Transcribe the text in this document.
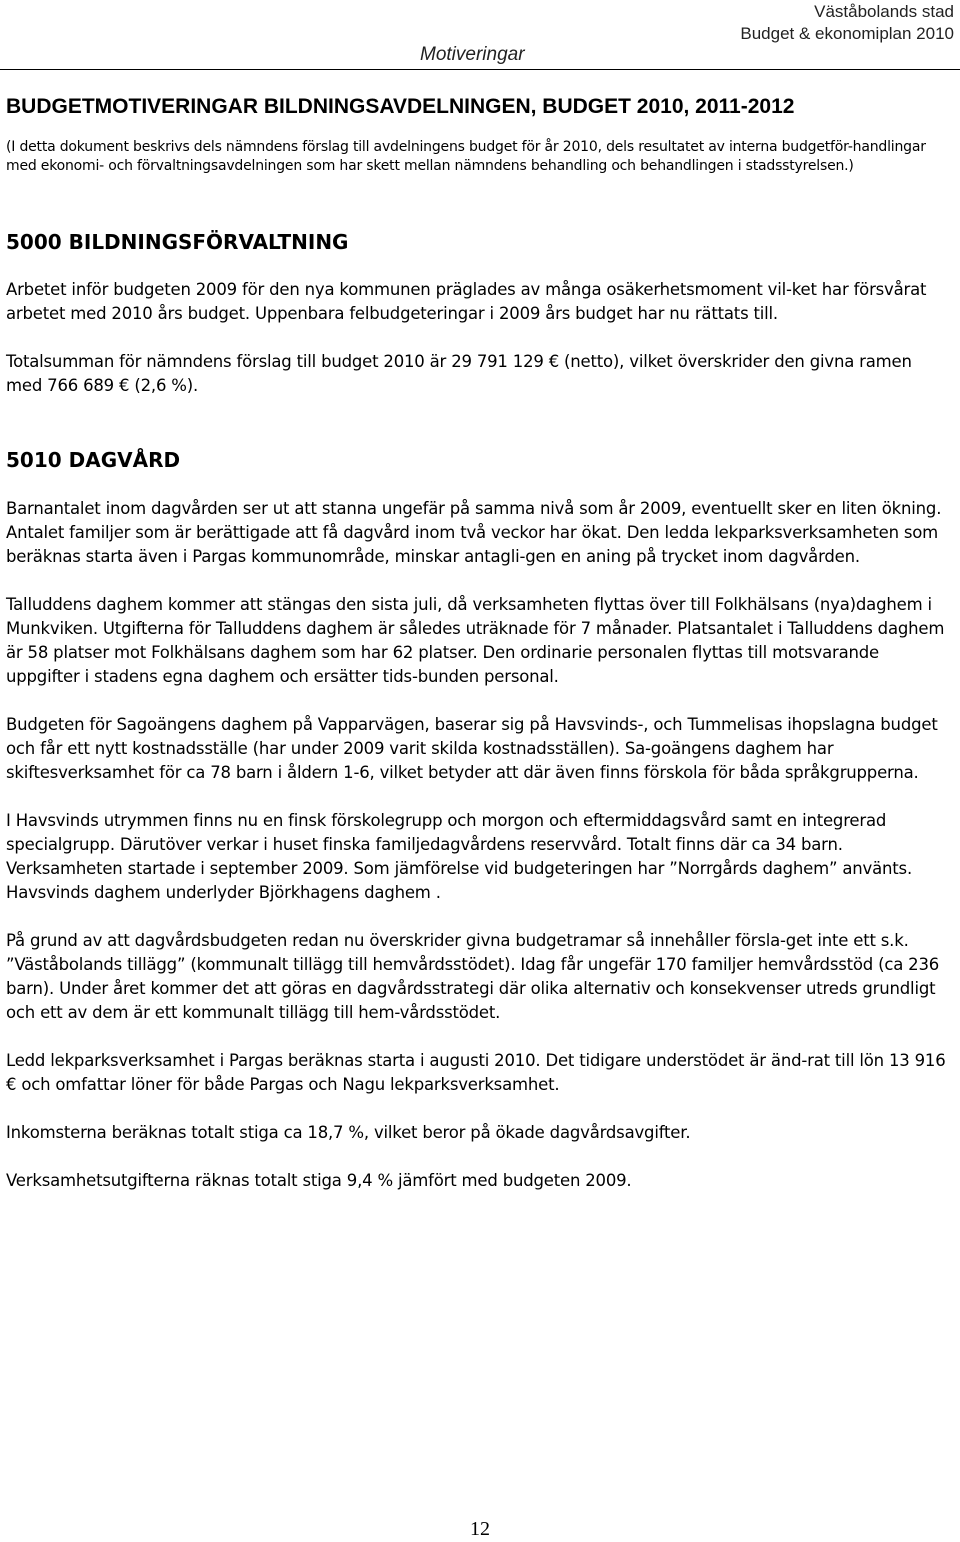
Motiveringar
Väståbolands stad
Budget & ekonomiplan 2010
BUDGETMOTIVERINGAR BILDNINGSAVDELNINGEN, BUDGET 2010, 2011-2012

(I detta dokument beskrivs dels nämndens förslag till avdelningens budget för år 2010, dels resultatet av interna budgetför-handlingar med ekonomi- och förvaltningsavdelningen som har skett mellan nämndens behandling och behandlingen i stadsstyrelsen.)

5000 BILDNINGSFÖRVALTNING

Arbetet inför budgeten 2009 för den nya kommunen präglades av många osäkerhetsmoment vil-ket har försvårat arbetet med 2010 års budget. Uppenbara felbudgeteringar i 2009 års budget har nu rättats till.

Totalsumman för nämndens förslag till budget 2010 är 29 791 129 € (netto), vilket överskrider den givna ramen med 766 689 € (2,6 %).

5010 DAGVÅRD

Barnantalet inom dagvården ser ut att stanna ungefär på samma nivå som år 2009, eventuellt sker en liten ökning. Antalet familjer som är berättigade att få dagvård inom två veckor har ökat. Den ledda lekparksverksamheten som beräknas starta även i Pargas kommunområde, minskar antagli-gen en aning på trycket inom dagvården.

Talluddens daghem kommer att stängas den sista juli, då verksamheten flyttas över till Folkhälsans (nya)daghem i Munkviken. Utgifterna för Talluddens daghem är således uträknade för 7 månader. Platsantalet i Talluddens daghem är 58 platser mot Folkhälsans daghem som har 62 platser. Den ordinarie personalen flyttas till motsvarande uppgifter i stadens egna daghem och ersätter tids-bunden personal.

Budgeten för Sagoängens daghem på Vapparvägen, baserar sig på Havsvinds-, och Tummelisas ihopslagna budget och får ett nytt kostnadsställe (har under 2009 varit skilda kostnadsställen). Sa-goängens daghem har skiftesverksamhet för ca 78 barn i åldern 1-6, vilket betyder att där även finns förskola för båda språkgrupperna.

I Havsvinds utrymmen finns nu en finsk förskolegrupp och morgon och eftermiddagsvård samt en integrerad specialgrupp. Därutöver verkar i huset finska familjedagvårdens reservvård. Totalt finns där ca 34 barn. Verksamheten startade i september 2009. Som jämförelse vid budgeteringen har ”Norrgårds daghem” använts. Havsvinds daghem underlyder Björkhagens daghem .

På grund av att dagvårdsbudgeten redan nu överskrider givna budgetramar så innehåller försla-get inte ett s.k. ”Väståbolands tillägg” (kommunalt tillägg till hemvårdsstödet). Idag får ungefär 170 familjer hemvårdsstöd (ca 236 barn). Under året kommer det att göras en dagvårdsstrategi där olika alternativ och konsekvenser utreds grundligt och ett av dem är ett kommunalt tillägg till hem-vårdsstödet.

Ledd lekparksverksamhet i Pargas beräknas starta i augusti 2010. Det tidigare understödet är änd-rat till lön 13 916 € och omfattar löner för både Pargas och Nagu lekparksverksamhet.

Inkomsterna beräknas totalt stiga ca 18,7 %, vilket beror på ökade dagvårdsavgifter.

Verksamhetsutgifterna räknas totalt stiga 9,4 % jämfört med budgeten 2009.

12
